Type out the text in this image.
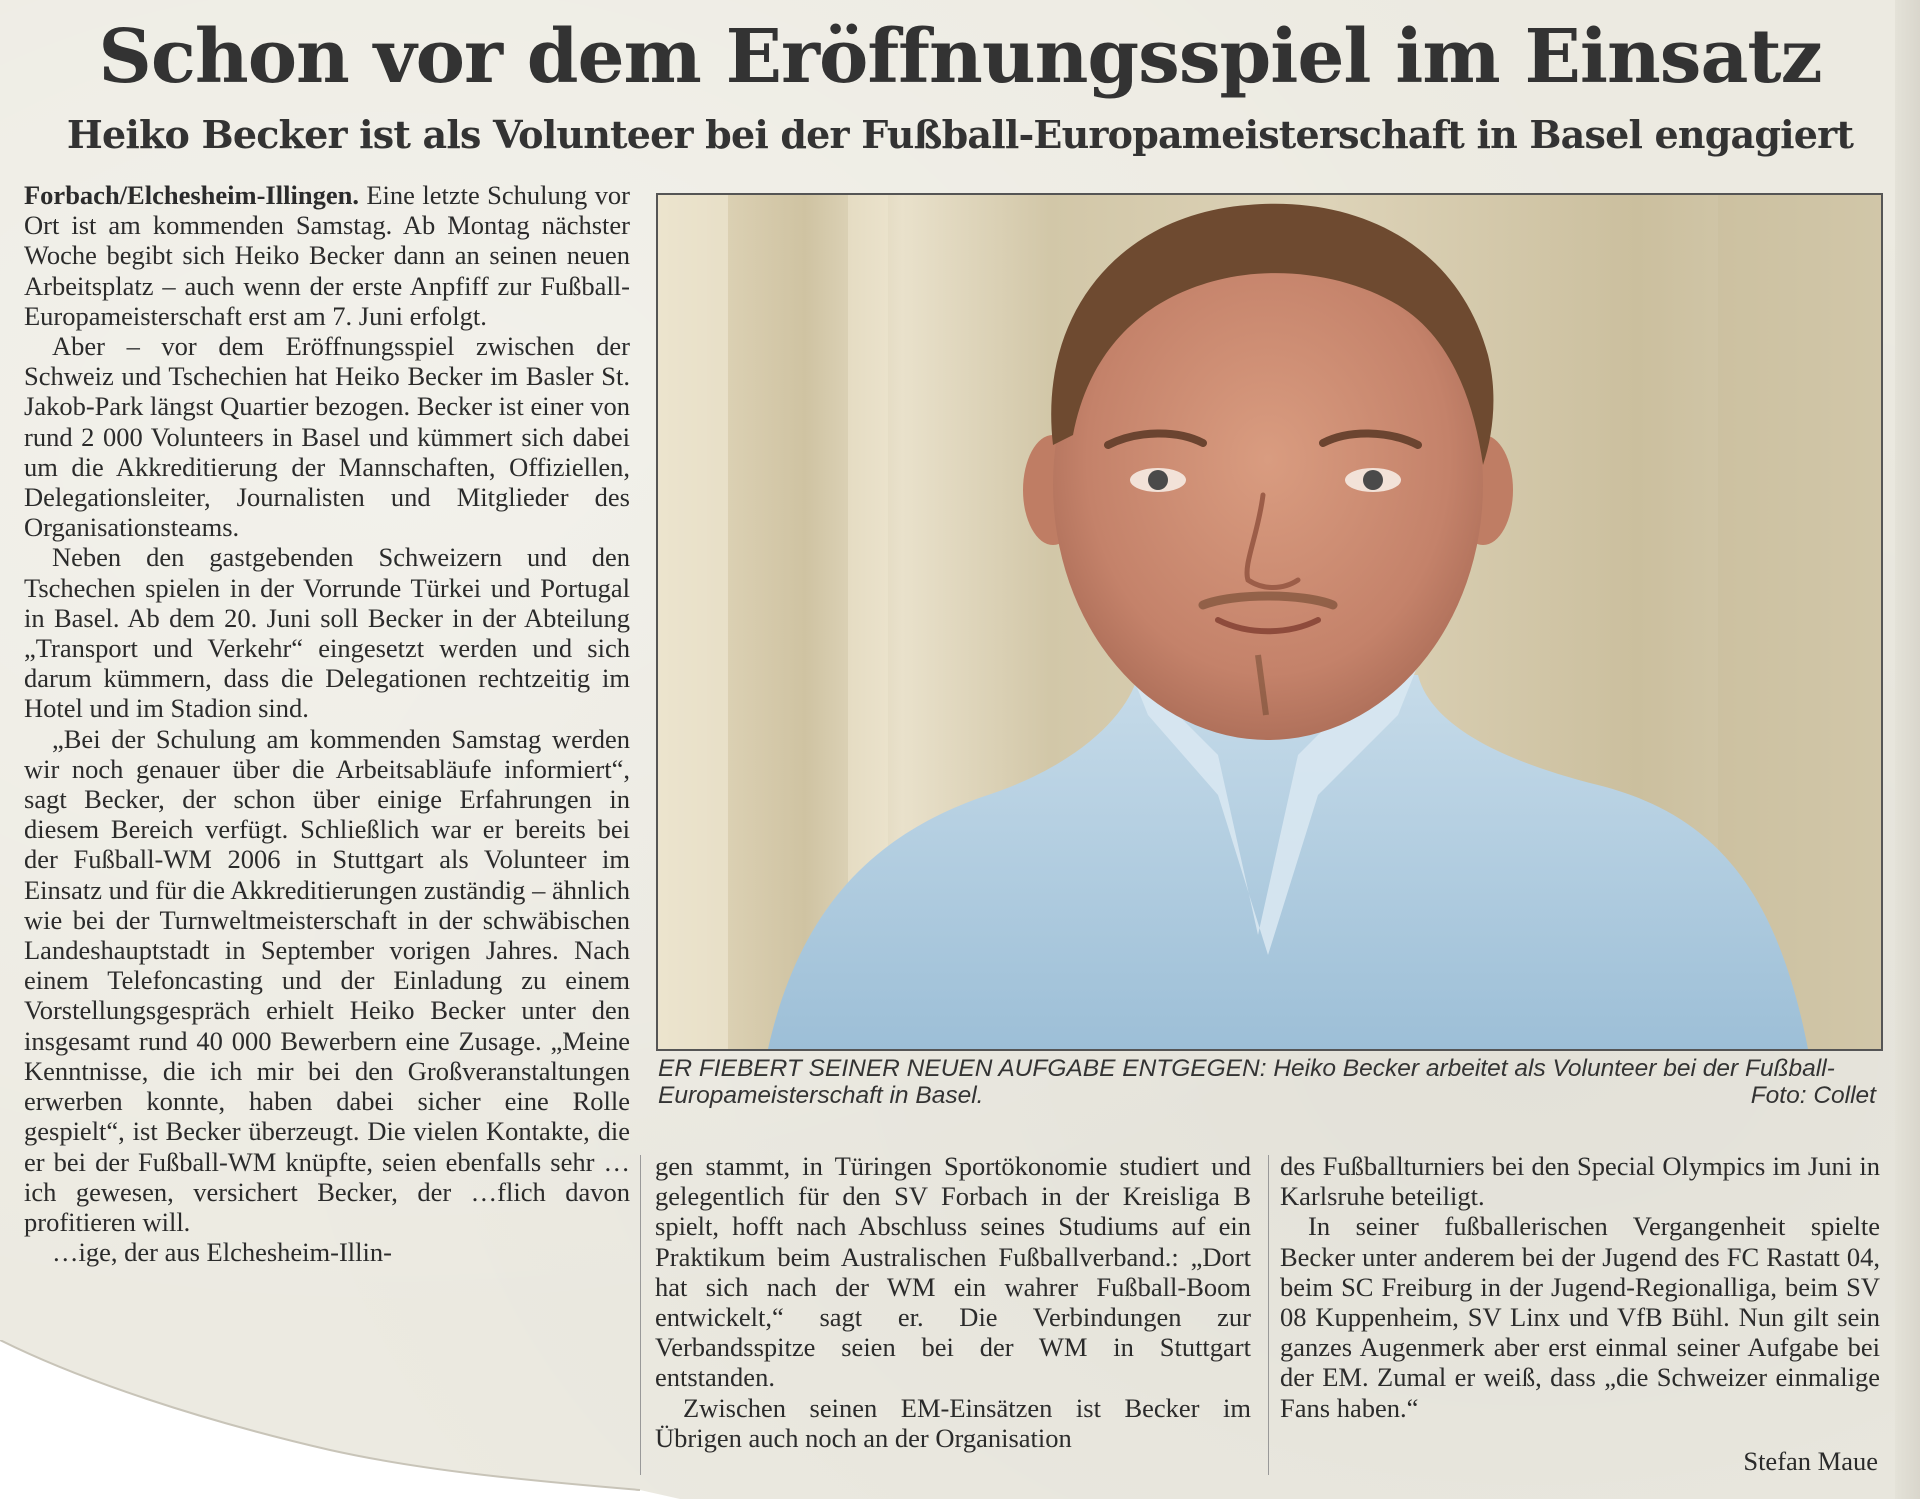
Schon vor dem Eröffnungsspiel im Einsatz
Heiko Becker ist als Volunteer bei der Fußball-Europameisterschaft in Basel engagiert

Forbach/Elchesheim-Illingen. Eine letzte Schulung vor Ort ist am kommenden Samstag. Ab Montag nächster Woche begibt sich Heiko Becker dann an seinen neuen Arbeitsplatz – auch wenn der erste Anpfiff zur Fußball-Europameisterschaft erst am 7. Juni erfolgt.

Aber – vor dem Eröffnungsspiel zwischen der Schweiz und Tschechien hat Heiko Becker im Basler St. Jakob-Park längst Quartier bezogen. Becker ist einer von rund 2 000 Volunteers in Basel und kümmert sich dabei um die Akkreditierung der Mannschaften, Offiziellen, Delegationsleiter, Journalisten und Mitglieder des Organisationsteams.

Neben den gastgebenden Schweizern und den Tschechen spielen in der Vorrunde Türkei und Portugal in Basel. Ab dem 20. Juni soll Becker in der Abteilung „Transport und Verkehr“ eingesetzt werden und sich darum kümmern, dass die Delegationen rechtzeitig im Hotel und im Stadion sind.

„Bei der Schulung am kommenden Samstag werden wir noch genauer über die Arbeitsabläufe informiert“, sagt Becker, der schon über einige Erfahrungen in diesem Bereich verfügt. Schließlich war er bereits bei der Fußball-WM 2006 in Stuttgart als Volunteer im Einsatz und für die Akkreditierungen zuständig – ähnlich wie bei der Turnweltmeisterschaft in der schwäbischen Landeshauptstadt in September vorigen Jahres. Nach einem Telefoncasting und der Einladung zu einem Vorstellungsgespräch erhielt Heiko Becker unter den insgesamt rund 40 000 Bewerbern eine Zusage. „Meine Kenntnisse, die ich mir bei den Großveranstaltungen erwerben konnte, haben dabei sicher eine Rolle gespielt“, ist Becker überzeugt. Die vielen Kontakte, die er bei der Fußball-WM knüpfte, seien ebenfalls sehr …ich gewesen, versichert Becker, der …flich davon profitieren will.

…ige, der aus Elchesheim-Illin-

ER FIEBERT SEINER NEUEN AUFGABE ENTGEGEN: Heiko Becker arbeitet als Volunteer bei der Fußball-Europameisterschaft in Basel.	Foto: Collet

gen stammt, in Türingen Sportökonomie studiert und gelegentlich für den SV Forbach in der Kreisliga B spielt, hofft nach Abschluss seines Studiums auf ein Praktikum beim Australischen Fußballverband.: „Dort hat sich nach der WM ein wahrer Fußball-Boom entwickelt,“ sagt er. Die Verbindungen zur Verbandsspitze seien bei der WM in Stuttgart entstanden.

Zwischen seinen EM-Einsätzen ist Becker im Übrigen auch noch an der Organisation

des Fußballturniers bei den Special Olympics im Juni in Karlsruhe beteiligt.

In seiner fußballerischen Vergangenheit spielte Becker unter anderem bei der Jugend des FC Rastatt 04, beim SC Freiburg in der Jugend-Regionalliga, beim SV 08 Kuppenheim, SV Linx und VfB Bühl. Nun gilt sein ganzes Augenmerk aber erst einmal seiner Aufgabe bei der EM. Zumal er weiß, dass „die Schweizer einmalige Fans haben.“

Stefan Maue
